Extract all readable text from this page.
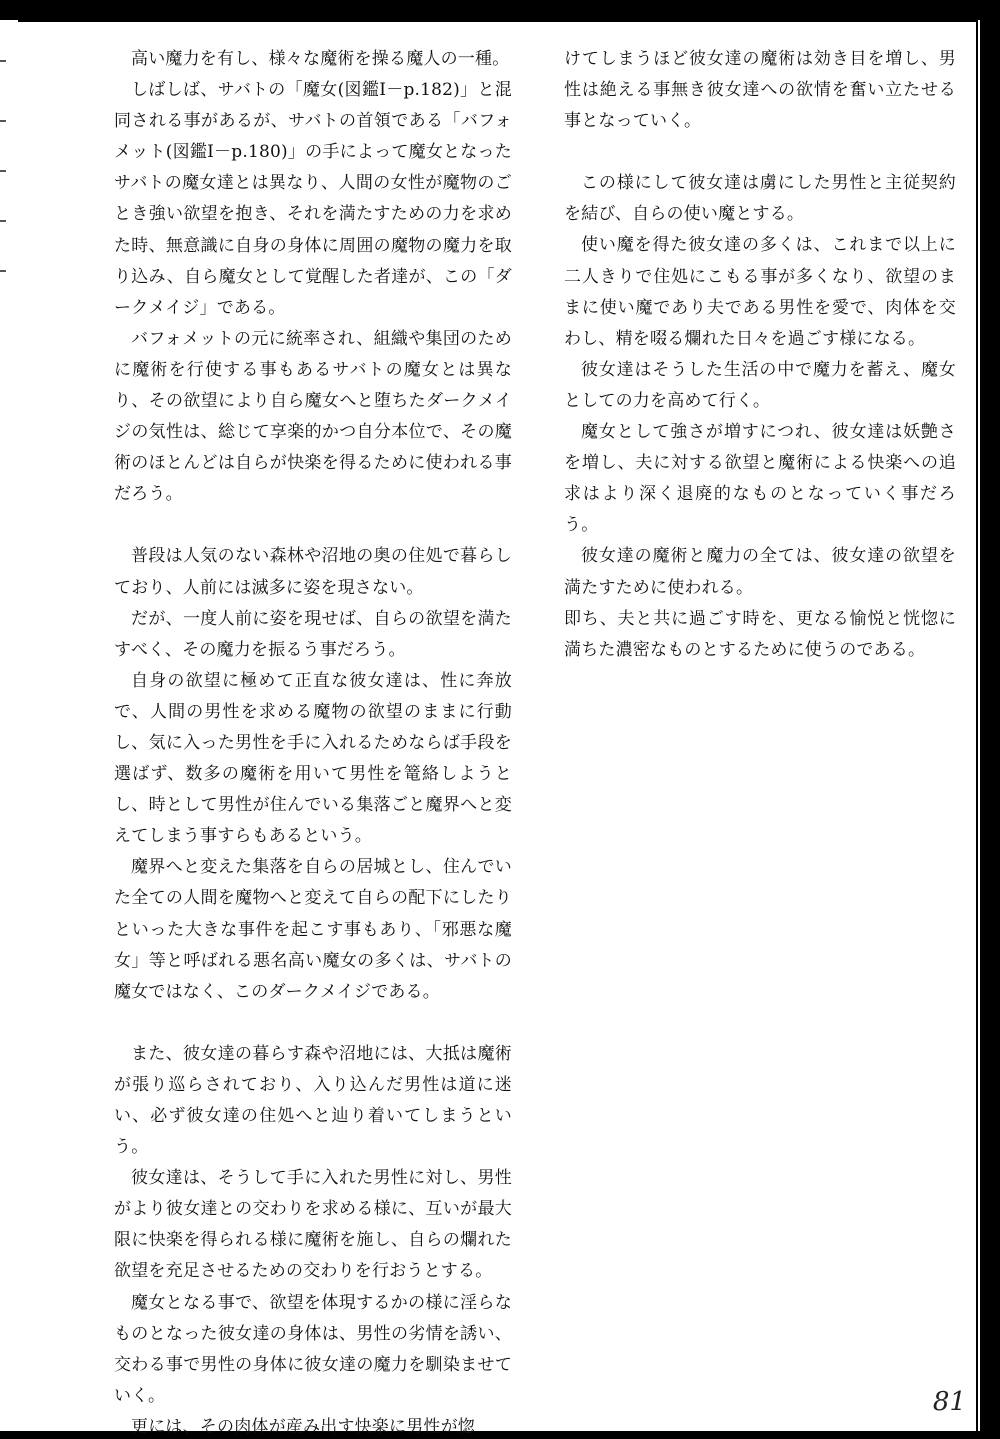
高い魔力を有し、様々な魔術を操る魔人の一種。

しばしば、サバトの「魔女(図鑑Ⅰ－p.182)」と混同される事があるが、サバトの首領である「バフォメット(図鑑Ⅰ－p.180)」の手によって魔女となったサバトの魔女達とは異なり、人間の女性が魔物のごとき強い欲望を抱き、それを満たすための力を求めた時、無意識に自身の身体に周囲の魔物の魔力を取り込み、自ら魔女として覚醒した者達が、この「ダークメイジ」である。

バフォメットの元に統率され、組織や集団のために魔術を行使する事もあるサバトの魔女とは異なり、その欲望により自ら魔女へと堕ちたダークメイジの気性は、総じて享楽的かつ自分本位で、その魔術のほとんどは自らが快楽を得るために使われる事だろう。

普段は人気のない森林や沼地の奥の住処で暮らしており、人前には滅多に姿を現さない。

だが、一度人前に姿を現せば、自らの欲望を満たすべく、その魔力を振るう事だろう。

自身の欲望に極めて正直な彼女達は、性に奔放で、人間の男性を求める魔物の欲望のままに行動し、気に入った男性を手に入れるためならば手段を選ばず、数多の魔術を用いて男性を篭絡しようとし、時として男性が住んでいる集落ごと魔界へと変えてしまう事すらもあるという。

魔界へと変えた集落を自らの居城とし、住んでいた全ての人間を魔物へと変えて自らの配下にしたりといった大きな事件を起こす事もあり、「邪悪な魔女」等と呼ばれる悪名高い魔女の多くは、サバトの魔女ではなく、このダークメイジである。

また、彼女達の暮らす森や沼地には、大抵は魔術が張り巡らされており、入り込んだ男性は道に迷い、必ず彼女達の住処へと辿り着いてしまうという。

彼女達は、そうして手に入れた男性に対し、男性がより彼女達との交わりを求める様に、互いが最大限に快楽を得られる様に魔術を施し、自らの爛れた欲望を充足させるための交わりを行おうとする。

魔女となる事で、欲望を体現するかの様に淫らなものとなった彼女達の身体は、男性の劣情を誘い、交わる事で男性の身体に彼女達の魔力を馴染ませていく。

更には、その肉体が産み出す快楽に男性が惚

けてしまうほど彼女達の魔術は効き目を増し、男性は絶える事無き彼女達への欲情を奮い立たせる事となっていく。

この様にして彼女達は虜にした男性と主従契約を結び、自らの使い魔とする。

使い魔を得た彼女達の多くは、これまで以上に二人きりで住処にこもる事が多くなり、欲望のままに使い魔であり夫である男性を愛で、肉体を交わし、精を啜る爛れた日々を過ごす様になる。

彼女達はそうした生活の中で魔力を蓄え、魔女としての力を高めて行く。

魔女として強さが増すにつれ、彼女達は妖艶さを増し、夫に対する欲望と魔術による快楽への追求はより深く退廃的なものとなっていく事だろう。

彼女達の魔術と魔力の全ては、彼女達の欲望を満たすために使われる。

即ち、夫と共に過ごす時を、更なる愉悦と恍惚に満ちた濃密なものとするために使うのである。

81
